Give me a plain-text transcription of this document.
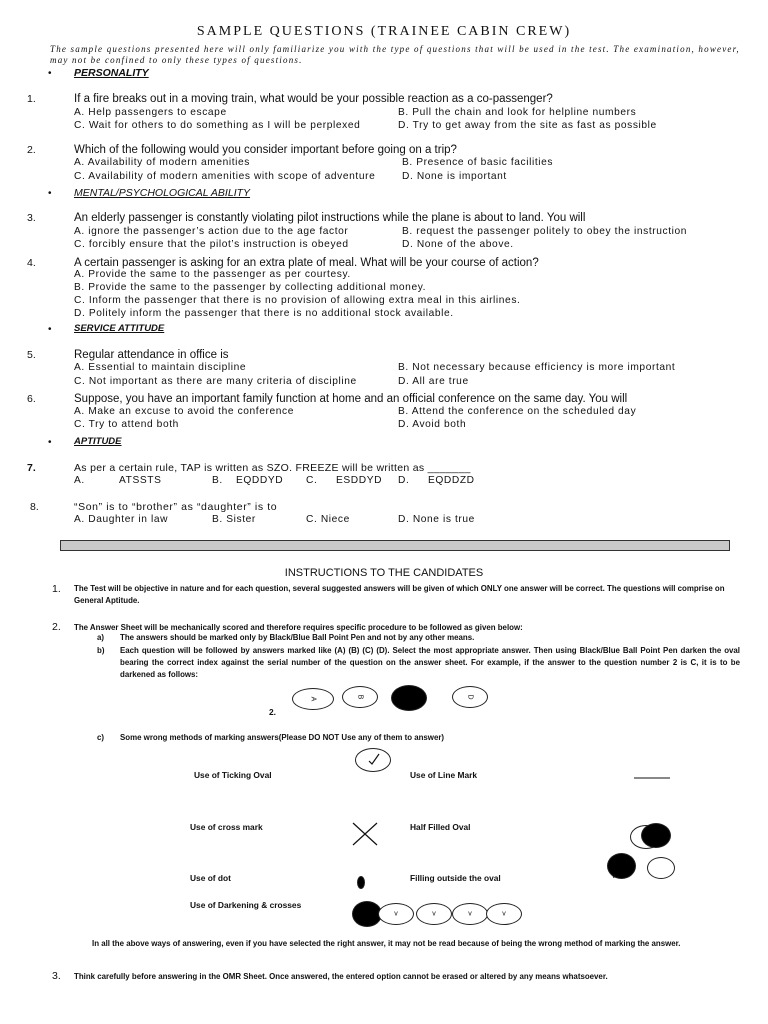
SAMPLE QUESTIONS (TRAINEE CABIN CREW)
The sample questions presented here will only familiarize you with the type of questions that will be used in the test. The examination, however, may not be confined to only these types of questions.
• PERSONALITY
1.	If a fire breaks out in a moving train, what would be your possible reaction as a co-passenger?
A. Help passengers to escape	B. Pull the chain and look for helpline numbers
C. Wait for others to do something as I will be perplexed	D. Try to get away from the site as fast as possible
2.	Which of the following would you consider important before going on a trip?
A. Availability of modern amenities	B. Presence of basic facilities
C. Availability of modern amenities with scope of adventure	D. None is important
• MENTAL/PSYCHOLOGICAL ABILITY
3.	An elderly passenger is constantly violating pilot instructions while the plane is about to land. You will
A. ignore the passenger’s action due to the age factor	B. request the passenger politely to obey the instruction
C. forcibly ensure that the pilot’s instruction is obeyed	D. None of the above.
4.	A certain passenger is asking for an extra plate of meal. What will be your course of action?
A. Provide the same to the passenger as per courtesy.
B. Provide the same to the passenger by collecting additional money.
C. Inform the passenger that there is no provision of allowing extra meal in this airlines.
D. Politely inform the passenger that there is no additional stock available.
• SERVICE ATTITUDE
5.	Regular attendance in office is
A. Essential to maintain discipline	B. Not necessary because efficiency is more important
C. Not important as there are many criteria of discipline	D. All are true
6.	Suppose, you have an important family function at home and an official conference on the same day. You will
A. Make an excuse to avoid the conference	B. Attend the conference on the scheduled day
C. Try to attend both	D. Avoid both
• APTITUDE
7.	As per a certain rule, TAP is written as SZO. FREEZE will be written as _______
A.	ATSSTS	B. EQDDYD C. ESDDYD D. EQDDZD
8.	“Son” is to “brother” as “daughter” is to
A. Daughter in law	B. Sister	C. Niece	D. None is true
INSTRUCTIONS TO THE CANDIDATES
1. The Test will be objective in nature and for each question, several suggested answers will be given of which ONLY one answer will be correct. The questions will comprise on General Aptitude.
2. The Answer Sheet will be mechanically scored and therefore requires specific procedure to be followed as given below:
a) The answers should be marked only by Black/Blue Ball Point Pen and not by any other means.
b) Each question will be followed by answers marked like (A) (B) (C) (D). Select the most appropriate answer. Then using Black/Blue Ball Point Pen darken the oval bearing the correct index against the serial number of the question on the answer sheet. For example, if the answer to the question number 2 is C, it is to be darkened as follows:
2.
A	B	C	D
c) Some wrong methods of marking answers(Please DO NOT Use any of them to answer)
Use of Ticking Oval	Use of Line Mark
Use of cross mark	Half Filled Oval
Use of dot	Filling outside the oval	v
Use of Darkening & crosses
v	v	v	v
In all the above ways of answering, even if you have selected the right answer, it may not be read because of being the wrong method of marking the answer.
3. Think carefully before answering in the OMR Sheet. Once answered, the entered option cannot be erased or altered by any means whatsoever.
